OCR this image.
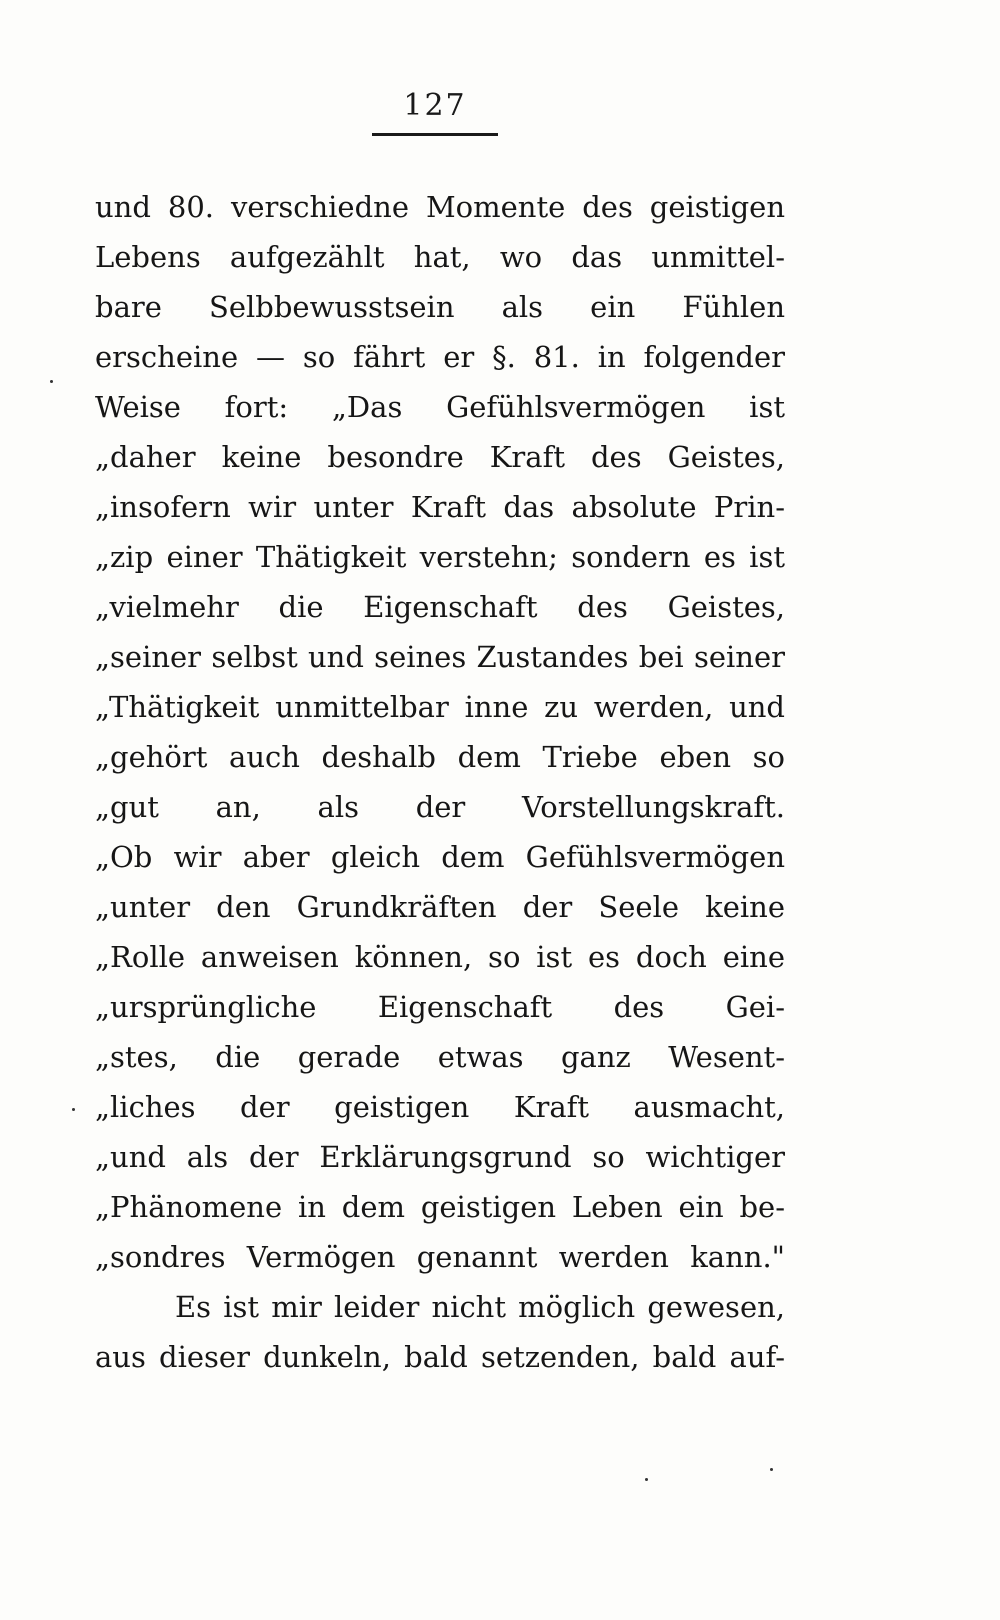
127
und 80. verschiedne Momente des geistigen
Lebens aufgezählt hat, wo das unmittel-
bare Selbbewusstsein als ein Fühlen
erscheine — so fährt er §. 81. in folgender
Weise fort: „Das Gefühlsvermögen ist
„daher keine besondre Kraft des Geistes,
„insofern wir unter Kraft das absolute Prin-
„zip einer Thätigkeit verstehn; sondern es ist
„vielmehr die Eigenschaft des Geistes,
„seiner selbst und seines Zustandes bei seiner
„Thätigkeit unmittelbar inne zu werden, und
„gehört auch deshalb dem Triebe eben so
„gut an, als der Vorstellungskraft.
„Ob wir aber gleich dem Gefühlsvermögen
„unter den Grundkräften der Seele keine
„Rolle anweisen können, so ist es doch eine
„ursprüngliche Eigenschaft des Gei-
„stes, die gerade etwas ganz Wesent-
„liches der geistigen Kraft ausmacht,
„und als der Erklärungsgrund so wichtiger
„Phänomene in dem geistigen Leben ein be-
„sondres Vermögen genannt werden kann."
Es ist mir leider nicht möglich gewesen,
aus dieser dunkeln, bald setzenden, bald auf-
